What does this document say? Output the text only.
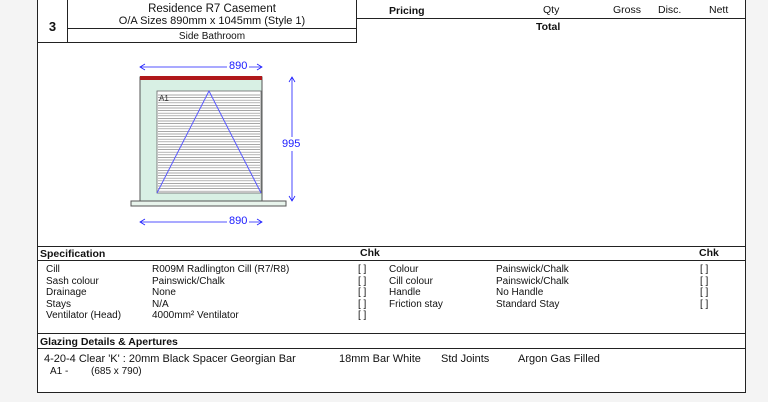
3
Residence R7 Casement
O/A Sizes 890mm x 1045mm (Style 1)
Side Bathroom
Pricing	Qty	Gross Disc.	Nett
Total
890
890
995
A1
Specification	Chk	Chk
Cill	R009M Radlington Cill (R7/R8)	[ ]
Sash colour	Painswick/Chalk	[ ]
Drainage	None	[ ]
Stays	N/A	[ ]
Ventilator (Head)	4000mm² Ventilator	[ ]
Colour	Painswick/Chalk	[ ]
Cill colour	Painswick/Chalk	[ ]
Handle	No Handle	[ ]
Friction stay	Standard Stay	[ ]
Glazing Details & Apertures
4-20-4 Clear 'K' : 20mm Black Spacer Georgian Bar	18mm Bar White Std Joints	Argon Gas Filled
A1 - (685 x 790)
